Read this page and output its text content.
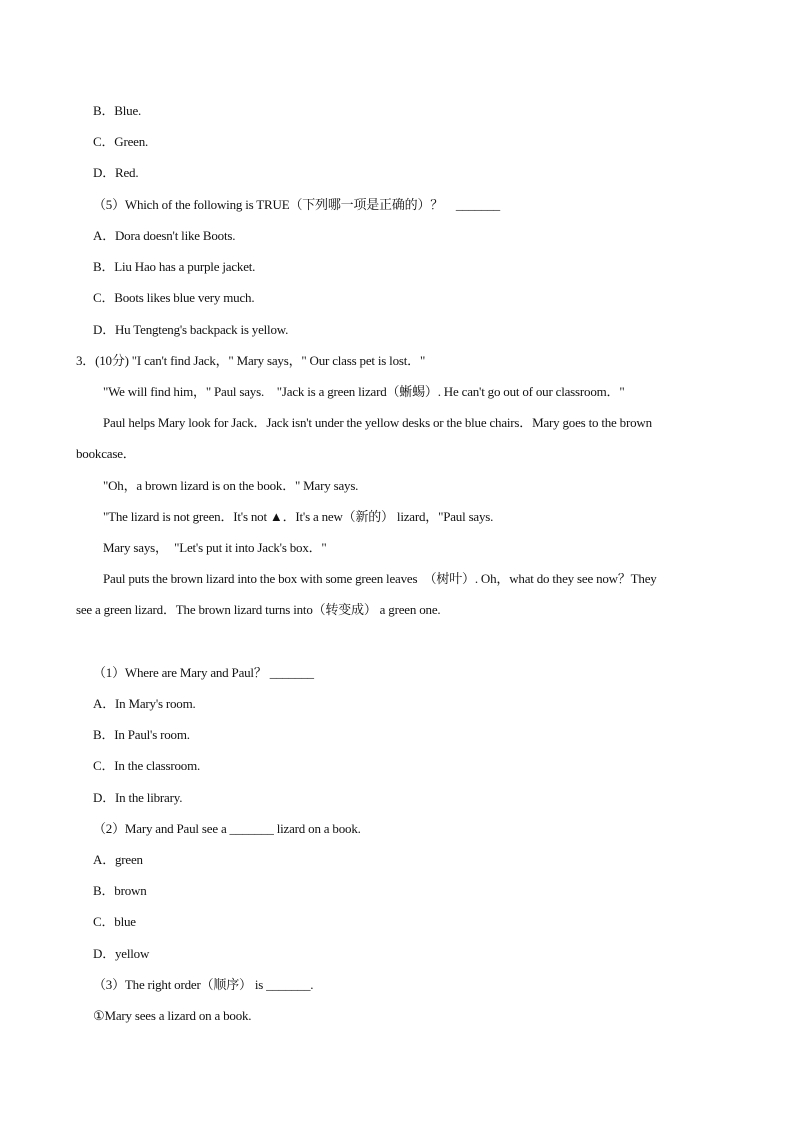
B．Blue.
C．Green.
D．Red.
（5）Which of the following is TRUE（下列哪一项是正确的）？　_______
A．Dora doesn't like Boots.
B．Liu Hao has a purple jacket.
C．Boots likes blue very much.
D．Hu Tengteng's backpack is yellow.
3．(10分) "I can't find Jack，" Mary says，" Our class pet is lost．"
"We will find him，" Paul says.　"Jack is a green lizard（蜥蜴）. He can't go out of our classroom．"
Paul helps Mary look for Jack．Jack isn't under the yellow desks or the blue chairs．Mary goes to the brown
bookcase．
"Oh，a brown lizard is on the book．" Mary says.
"The lizard is not green．It's not ▲．It's a new（新的） lizard，"Paul says.
Mary says，　"Let's put it into Jack's box．"
Paul puts the brown lizard into the box with some green leaves　（树叶）. Oh，what do they see now？They
see a green lizard．The brown lizard turns into（转变成） a green one.
（1）Where are Mary and Paul？ _______
A．In Mary's room.
B．In Paul's room.
C．In the classroom.
D．In the library.
（2）Mary and Paul see a _______ lizard on a book.
A．green
B．brown
C．blue
D．yellow
（3）The right order（顺序） is _______.
①Mary sees a lizard on a book.
